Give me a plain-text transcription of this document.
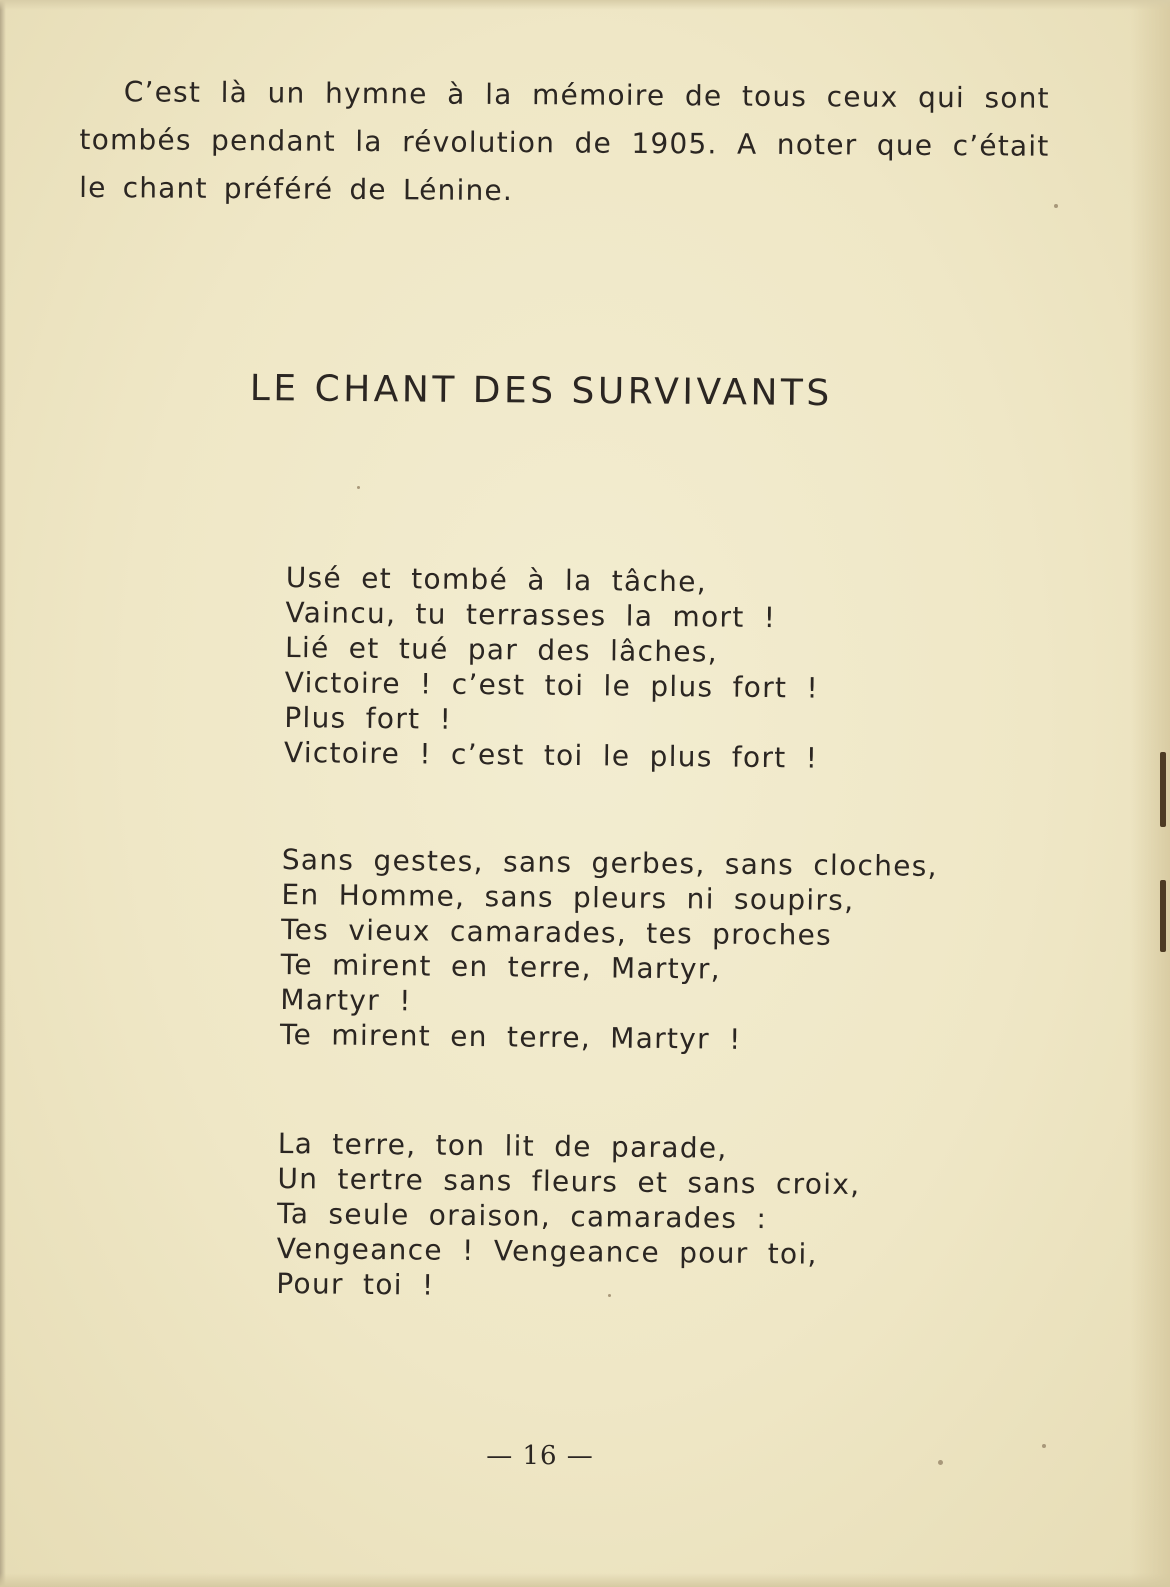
C’est là un hymne à la mémoire de tous ceux qui sont tombés pendant la révolution de 1905. A noter que c’était le chant préféré de Lénine.

LE CHANT DES SURVIVANTS
Usé et tombé à la tâche,
Vaincu, tu terrasses la mort !
Lié et tué par des lâches,
Victoire ! c’est toi le plus fort !
Plus fort !
Victoire ! c’est toi le plus fort !
Sans gestes, sans gerbes, sans cloches,
En Homme, sans pleurs ni soupirs,
Tes vieux camarades, tes proches
Te mirent en terre, Martyr,
Martyr !
Te mirent en terre, Martyr !
La terre, ton lit de parade,
Un tertre sans fleurs et sans croix,
Ta seule oraison, camarades :
Vengeance ! Vengeance pour toi,
Pour toi !
— 16 —
